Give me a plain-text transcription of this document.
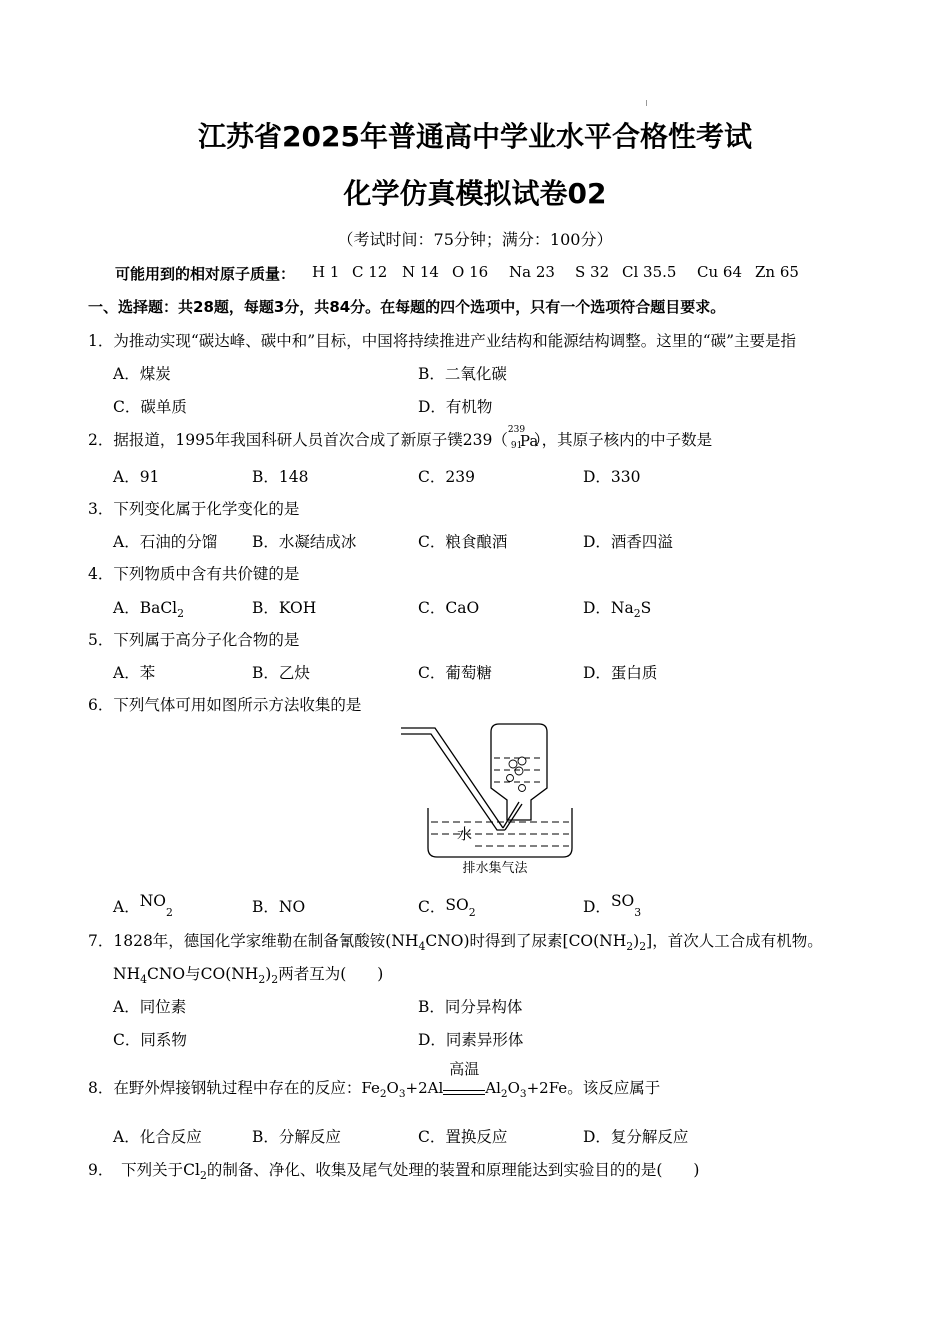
江苏省2025年普通高中学业水平合格性考试
化学仿真模拟试卷02
（考试时间：75分钟；满分：100分）
可能用到的相对原子质量： H 1 C 12 N 14 O 16 Na 23 S 32 Cl 35.5 Cu 64 Zn 65
一、选择题：共28题，每题3分，共84分。在每题的四个选项中，只有一个选项符合题目要求。
1．为推动实现“碳达峰、碳中和”目标，中国将持续推进产业结构和能源结构调整。这里的“碳”主要是指
A．煤炭	B．二氧化碳
C．碳单质	D．有机物
2．据报道，1995年我国科研人员首次合成了新原子镤239（
239
91
Pa
），其原子核内的中子数是
A．91	B．148	C．239	D．330
3．下列变化属于化学变化的是
A．石油的分馏 B．水凝结成冰	C．粮食酿酒	D．酒香四溢
4．下列物质中含有共价键的是
A．BaCl$_2$	B．KOH	C．CaO	D．$Na_2S$
5．下列属于高分子化合物的是
A．苯	B．乙炔	C．葡萄糖	D．蛋白质
6．下列气体可用如图所示方法收集的是
水
排水集气法
A．$NO_2$	B．NO	C．$SO_2$	D．$SO_3$
7．1828年，德国化学家维勒在制备氰酸铵$(NH_4CNO)$时得到了尿素$[CO(NH_2)_2]$，首次人工合成有机物。
$NH_4CNO$与$CO(NH_2)_2$两者互为(　　)
A．同位素	B．同分异构体
C．同系物	D．同素异形体
8．在野外焊接钢轨过程中存在的反应：$Fe_2O_3+2Al$
高温
$Al_2O_3+2Fe$。该反应属于
A．化合反应	B．分解反应	C．置换反应	D．复分解反应
9．　下列关于$Cl_2$的制备、净化、收集及尾气处理的装置和原理能达到实验目的的是(　　)
